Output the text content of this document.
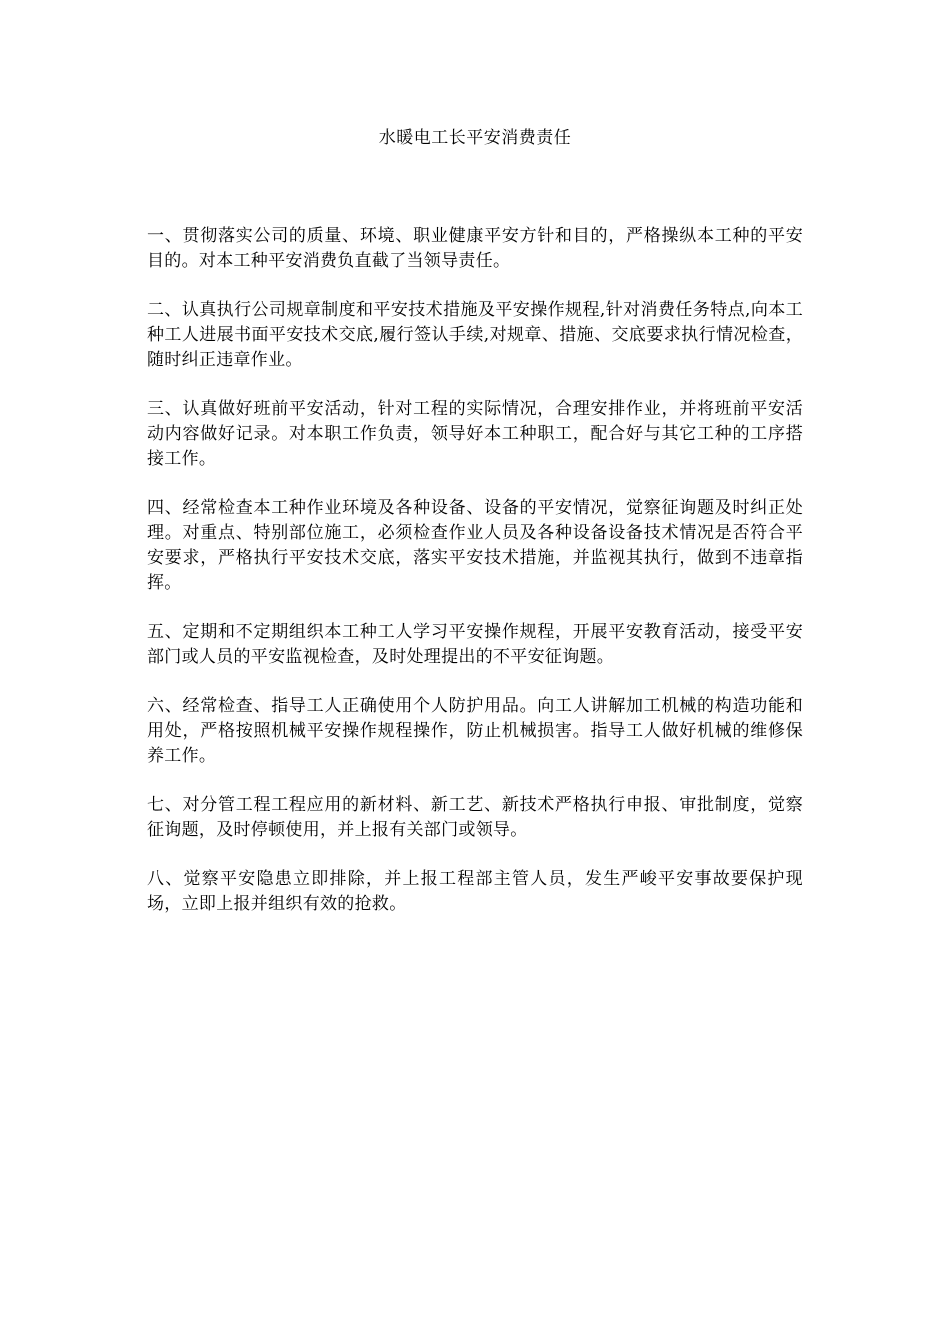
水暖电工长平安消费责任

一、贯彻落实公司的质量、环境、职业健康平安方针和目的，严格操纵本工种的平安目的。对本工种平安消费负直截了当领导责任。

二、认真执行公司规章制度和平安技术措施及平安操作规程,针对消费任务特点,向本工种工人进展书面平安技术交底,履行签认手续,对规章、措施、交底要求执行情况检查，随时纠正违章作业。

三、认真做好班前平安活动，针对工程的实际情况，合理安排作业，并将班前平安活动内容做好记录。对本职工作负责，领导好本工种职工，配合好与其它工种的工序搭接工作。

四、经常检查本工种作业环境及各种设备、设备的平安情况，觉察征询题及时纠正处理。对重点、特别部位施工，必须检查作业人员及各种设备设备技术情况是否符合平安要求，严格执行平安技术交底，落实平安技术措施，并监视其执行，做到不违章指挥。

五、定期和不定期组织本工种工人学习平安操作规程，开展平安教育活动，接受平安部门或人员的平安监视检查，及时处理提出的不平安征询题。

六、经常检查、指导工人正确使用个人防护用品。向工人讲解加工机械的构造功能和用处，严格按照机械平安操作规程操作，防止机械损害。指导工人做好机械的维修保养工作。

七、对分管工程工程应用的新材料、新工艺、新技术严格执行申报、审批制度，觉察征询题，及时停顿使用，并上报有关部门或领导。

八、觉察平安隐患立即排除，并上报工程部主管人员，发生严峻平安事故要保护现场，立即上报并组织有效的抢救。
